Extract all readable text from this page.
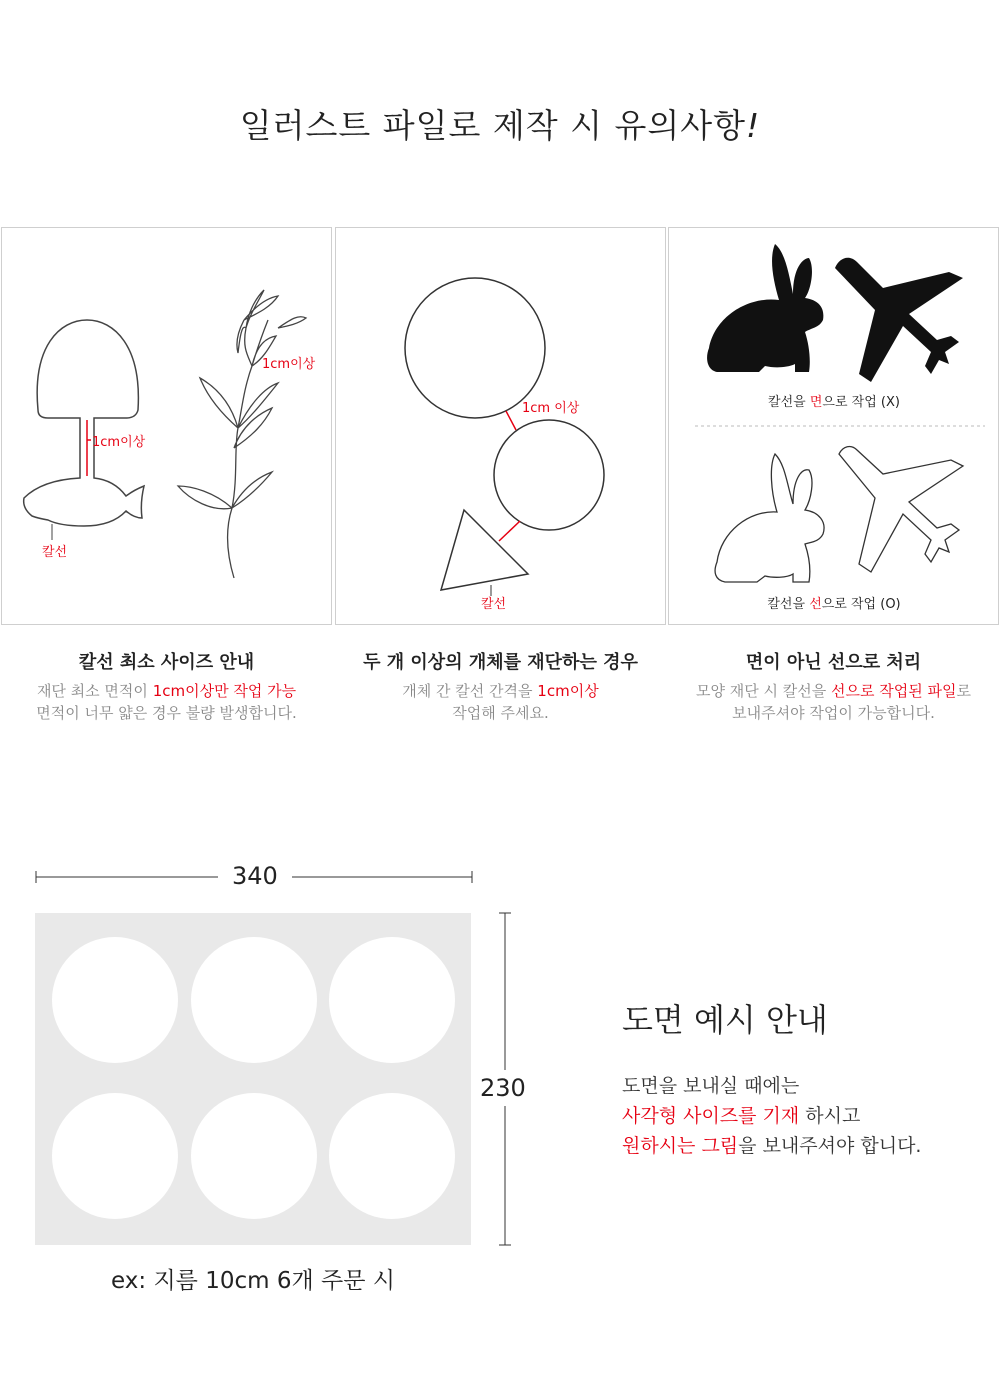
일러스트 파일로 제작 시 유의사항!
1cm이상
칼선
1cm이상
1cm 이상
칼선
칼선을 면으로 작업 (X)
칼선을 선으로 작업 (O)
칼선 최소 사이즈 안내

재단 최소 면적이 1cm이상만 작업 가능

면적이 너무 얇은 경우 불량 발생합니다.

두 개 이상의 개체를 재단하는 경우

개체 간 칼선 간격을 1cm이상

작업해 주세요.

면이 아닌 선으로 처리

모양 재단 시 칼선을 선으로 작업된 파일로

보내주셔야 작업이 가능합니다.

340
230
ex: 지름 10cm 6개 주문 시
도면 예시 안내

도면을 보내실 때에는

사각형 사이즈를 기재 하시고

원하시는 그림을 보내주셔야 합니다.
